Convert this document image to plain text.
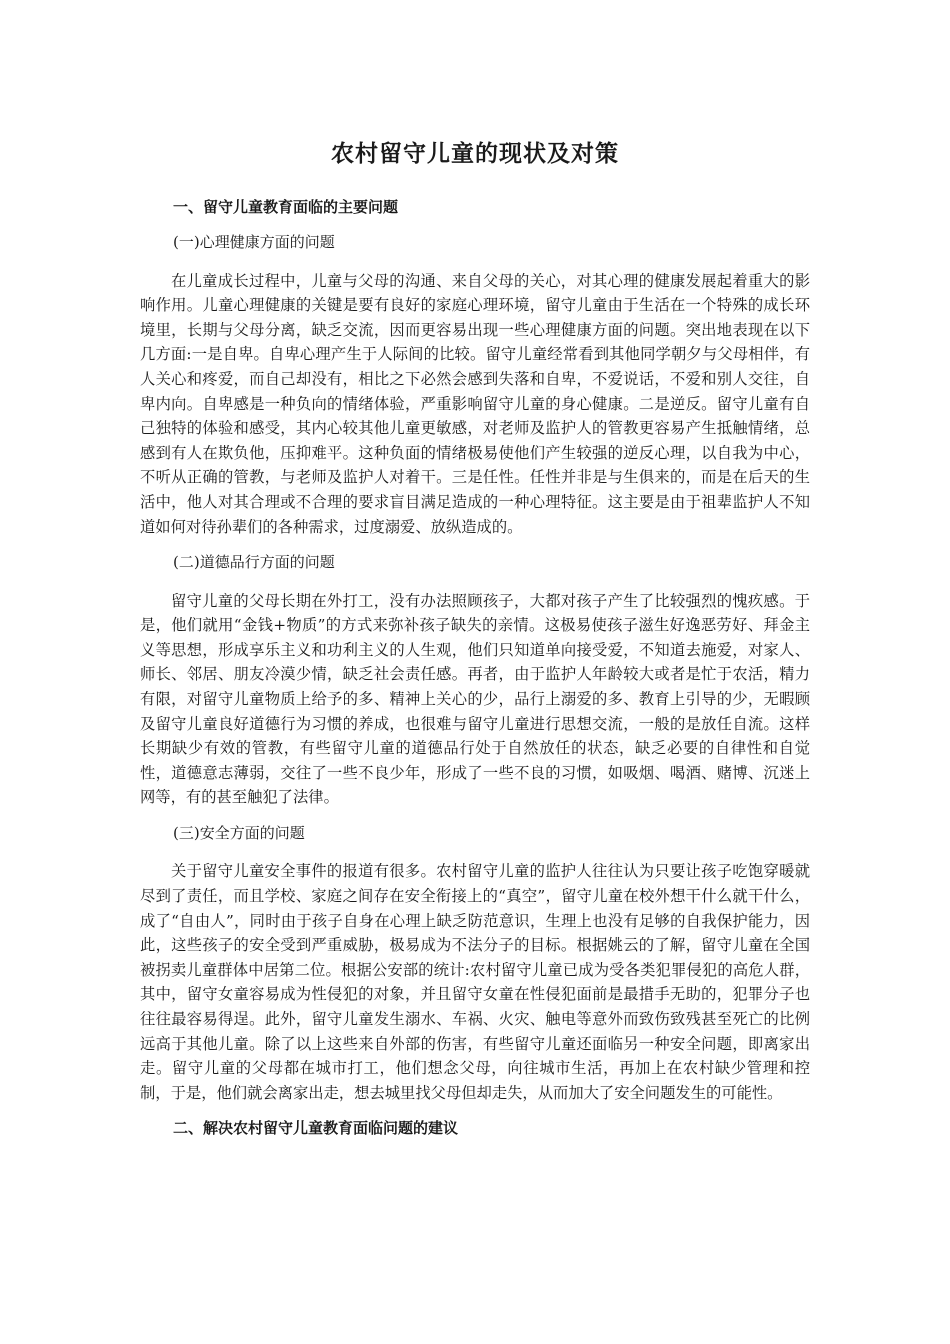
农村留守儿童的现状及对策
一、留守儿童教育面临的主要问题
(一)心理健康方面的问题

在儿童成长过程中，儿童与父母的沟通、来自父母的关心，对其心理的健康发展起着重大的影响作用。儿童心理健康的关键是要有良好的家庭心理环境，留守儿童由于生活在一个特殊的成长环境里，长期与父母分离，缺乏交流，因而更容易出现一些心理健康方面的问题。突出地表现在以下几方面:一是自卑。自卑心理产生于人际间的比较。留守儿童经常看到其他同学朝夕与父母相伴，有人关心和疼爱，而自己却没有，相比之下必然会感到失落和自卑，不爱说话，不爱和别人交往，自卑内向。自卑感是一种负向的情绪体验，严重影响留守儿童的身心健康。二是逆反。留守儿童有自己独特的体验和感受，其内心较其他儿童更敏感，对老师及监护人的管教更容易产生抵触情绪，总感到有人在欺负他，压抑难平。这种负面的情绪极易使他们产生较强的逆反心理，以自我为中心，不听从正确的管教，与老师及监护人对着干。三是任性。任性并非是与生俱来的，而是在后天的生活中，他人对其合理或不合理的要求盲目满足造成的一种心理特征。这主要是由于祖辈监护人不知道如何对待孙辈们的各种需求，过度溺爱、放纵造成的。

(二)道德品行方面的问题

留守儿童的父母长期在外打工，没有办法照顾孩子，大都对孩子产生了比较强烈的愧疚感。于是，他们就用“金钱+物质”的方式来弥补孩子缺失的亲情。这极易使孩子滋生好逸恶劳好、拜金主义等思想，形成享乐主义和功利主义的人生观，他们只知道单向接受爱，不知道去施爱，对家人、师长、邻居、朋友冷漠少情，缺乏社会责任感。再者，由于监护人年龄较大或者是忙于农活，精力有限，对留守儿童物质上给予的多、精神上关心的少，品行上溺爱的多、教育上引导的少，无暇顾及留守儿童良好道德行为习惯的养成，也很难与留守儿童进行思想交流，一般的是放任自流。这样长期缺少有效的管教，有些留守儿童的道德品行处于自然放任的状态，缺乏必要的自律性和自觉性，道德意志薄弱，交往了一些不良少年，形成了一些不良的习惯，如吸烟、喝酒、赌博、沉迷上网等，有的甚至触犯了法律。

(三)安全方面的问题

关于留守儿童安全事件的报道有很多。农村留守儿童的监护人往往认为只要让孩子吃饱穿暖就尽到了责任，而且学校、家庭之间存在安全衔接上的“真空”，留守儿童在校外想干什么就干什么，成了“自由人”，同时由于孩子自身在心理上缺乏防范意识，生理上也没有足够的自我保护能力，因此，这些孩子的安全受到严重威胁，极易成为不法分子的目标。根据姚云的了解，留守儿童在全国被拐卖儿童群体中居第二位。根据公安部的统计:农村留守儿童已成为受各类犯罪侵犯的高危人群，其中，留守女童容易成为性侵犯的对象，并且留守女童在性侵犯面前是最措手无助的，犯罪分子也往往最容易得逞。此外，留守儿童发生溺水、车祸、火灾、触电等意外而致伤致残甚至死亡的比例远高于其他儿童。除了以上这些来自外部的伤害，有些留守儿童还面临另一种安全问题，即离家出走。留守儿童的父母都在城市打工，他们想念父母，向往城市生活，再加上在农村缺少管理和控制，于是，他们就会离家出走，想去城里找父母但却走失，从而加大了安全问题发生的可能性。

二、解决农村留守儿童教育面临问题的建议
